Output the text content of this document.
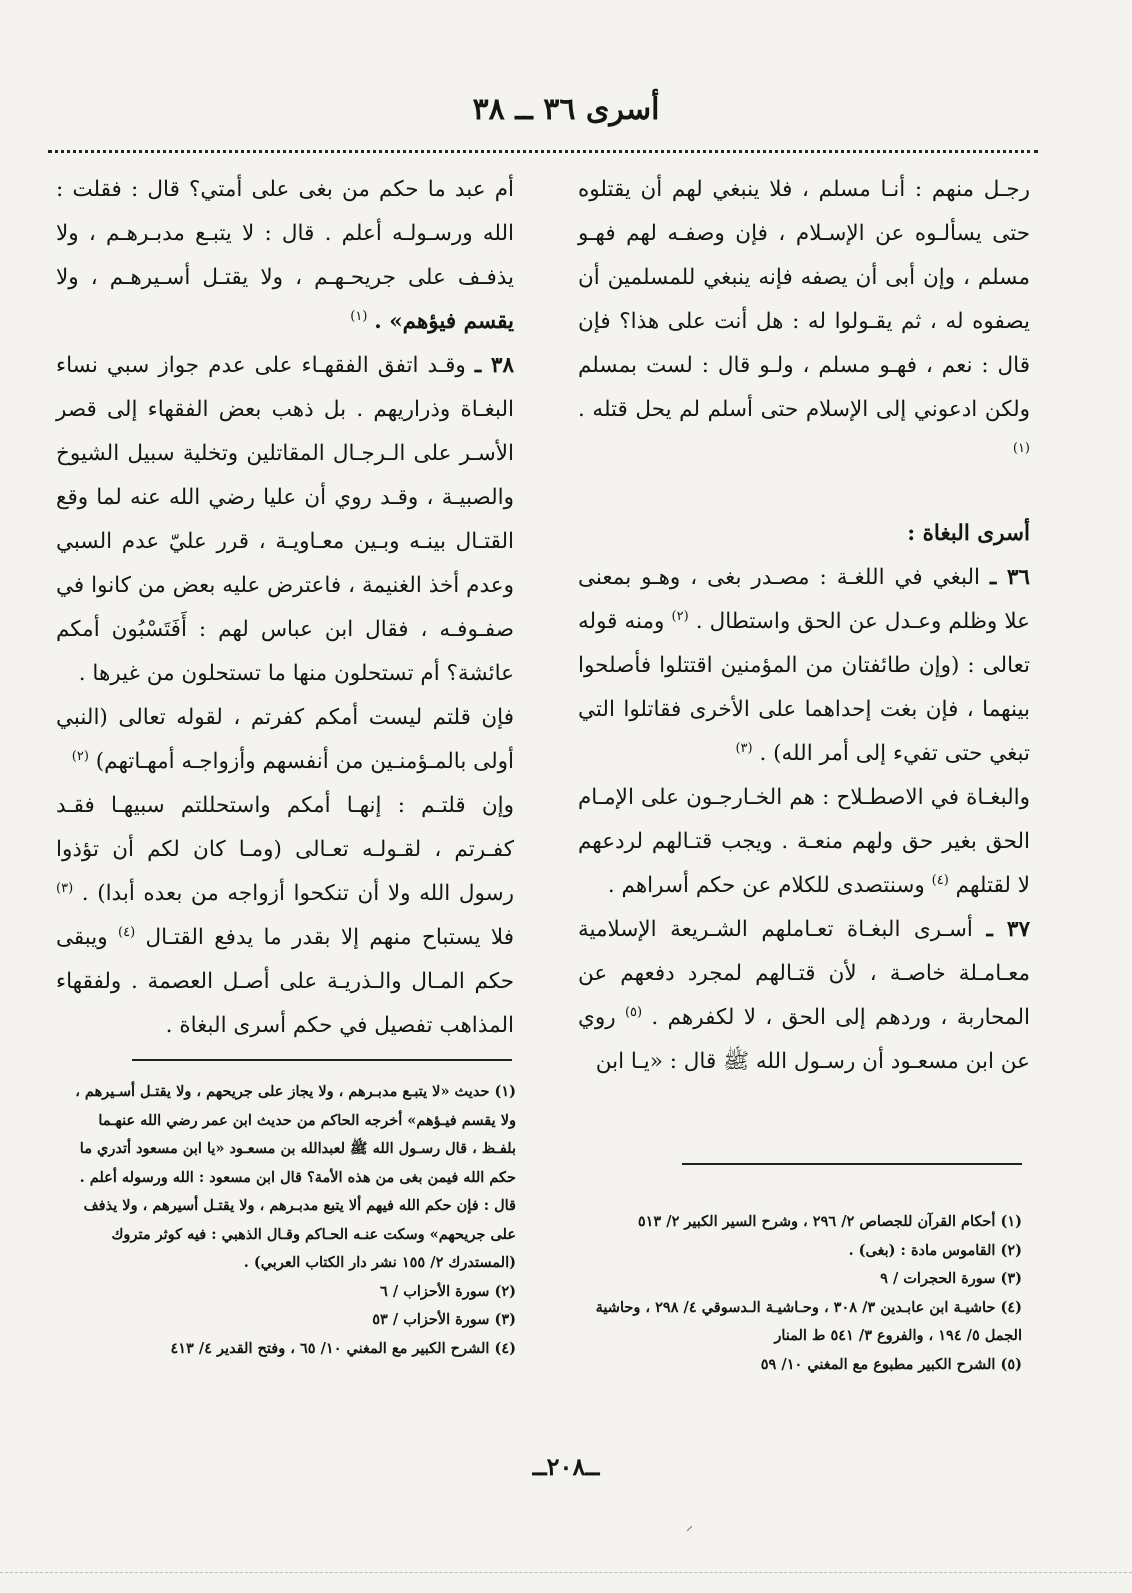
أسرى ٣٦ ــ ٣٨

رجـل منهم : أنـا مسلم ، فلا ينبغي لهم أن يقتلوه حتى يسألـوه عن الإسـلام ، فإن وصفـه لهم فهـو مسلم ، وإن أبى أن يصفه فإنه ينبغي للمسلمين أن يصفوه له ، ثم يقـولوا له : هل أنت على هذا؟ فإن قال : نعم ، فهـو مسلم ، ولـو قال : لست بمسلم ولكن ادعوني إلى الإسلام حتى أسلم لم يحل قتله . $^{(١)}$

أسرى البغاة :

٣٦ ـ البغي في اللغـة : مصـدر بغى ، وهـو بمعنى علا وظلم وعـدل عن الحق واستطال . $^{(٢)}$ ومنه قوله تعالى : (وإن طائفتان من المؤمنين اقتتلوا فأصلحوا بينهما ، فإن بغت إحداهما على الأخرى فقاتلوا التي تبغي حتى تفيء إلى أمر الله) . $^{(٣)}$

والبغـاة في الاصطـلاح : هم الخـارجـون على الإمـام الحق بغير حق ولهم منعـة . ويجب قتـالهم لردعهم لا لقتلهم $^{(٤)}$ وسنتصدى للكلام عن حكم أسراهم .

٣٧ ـ أسـرى البغـاة تعـاملهم الشـريعة الإسلامية معـامـلة خاصـة ، لأن قتـالهم لمجرد دفعهم عن المحاربة ، وردهم إلى الحق ، لا لكفرهم . $^{(٥)}$ روي عن ابن مسعـود أن رسـول الله ﷺ قال : «يـا ابن

أم عبد ما حكم من بغى على أمتي؟ قال : فقلت : الله ورسـولـه أعلم . قال : لا يتبـع مدبـرهـم ، ولا يذفـف على جريحـهـم ، ولا يقتـل أسـيرهـم ، ولا يقسم فيؤهم» . $^{(١)}$

٣٨ ـ وقـد اتفق الفقهـاء على عدم جواز سبي نساء البغـاة وذراريهم . بل ذهب بعض الفقهاء إلى قصر الأسـر على الـرجـال المقاتلين وتخلية سبيل الشيوخ والصبيـة ، وقـد روي أن عليا رضي الله عنه لما وقع القتـال بينـه وبـين معـاويـة ، قرر عليّ عدم السبي وعدم أخذ الغنيمة ، فاعترض عليه بعض من كانوا في صفـوفـه ، فقال ابن عباس لهم : أَفَتَسْبُون أمكم عائشة؟ أم تستحلون منها ما تستحلون من غيرها .

فإن قلتم ليست أمكم كفرتم ، لقوله تعالى (النبي أولى بالمـؤمنـين من أنفسهم وأزواجـه أمهـاتهم) $^{(٢)}$

وإن قلتـم : إنهـا أمكم واستحللتم سبيهـا فقـد كفـرتم ، لقـولـه تعـالى (ومـا كان لكم أن تؤذوا رسول الله ولا أن تنكحوا أزواجه من بعده أبدا) . $^{(٣)}$ فلا يستباح منهم إلا بقدر ما يدفع القتـال $^{(٤)}$ ويبقى حكم المـال والـذريـة على أصـل العصمة . ولفقهاء المذاهب تفصيل في حكم أسرى البغاة .

(١) حديث «لا يتبـع مدبـرهم ، ولا يجاز على جريحهم ، ولا يقتـل أسـيرهم ، ولا يقسم فيـؤهم» أخرجه الحاكم من حديث ابن عمر رضي الله عنهـما بلفـظ ، قال رسـول الله ﷺ لعبدالله بن مسعـود «يا ابن مسعود أتدري ما حكم الله فيمن بغى من هذه الأمة؟ قال ابن مسعود : الله ورسوله أعلم . قال : فإن حكم الله فيهم ألا يتبع مدبـرهم ، ولا يقتـل أسيرهم ، ولا يذفف على جريحهم» وسكت عنـه الحـاكم وقـال الذهبي : فيه كوثر متروك (المستدرك ٢/ ١٥٥ نشر دار الكتاب العربي) .

(٢) سورة الأحزاب / ٦

(٣) سورة الأحزاب / ٥٣

(٤) الشرح الكبير مع المغني ١٠/ ٦٥ ، وفتح القدير ٤/ ٤١٣

(١) أحكام القرآن للجصاص ٢/ ٢٩٦ ، وشرح السير الكبير ٢/ ٥١٣

(٢) القاموس مادة : (بغى) .

(٣) سورة الحجرات / ٩

(٤) حاشيـة ابن عابـدين ٣/ ٣٠٨ ، وحـاشيـة الـدسوقي ٤/ ٢٩٨ ، وحاشية الجمل ٥/ ١٩٤ ، والفروع ٣/ ٥٤١ ط المنار

(٥) الشرح الكبير مطبوع مع المغني ١٠/ ٥٩

ــ٢٠٨ــ
⸝
